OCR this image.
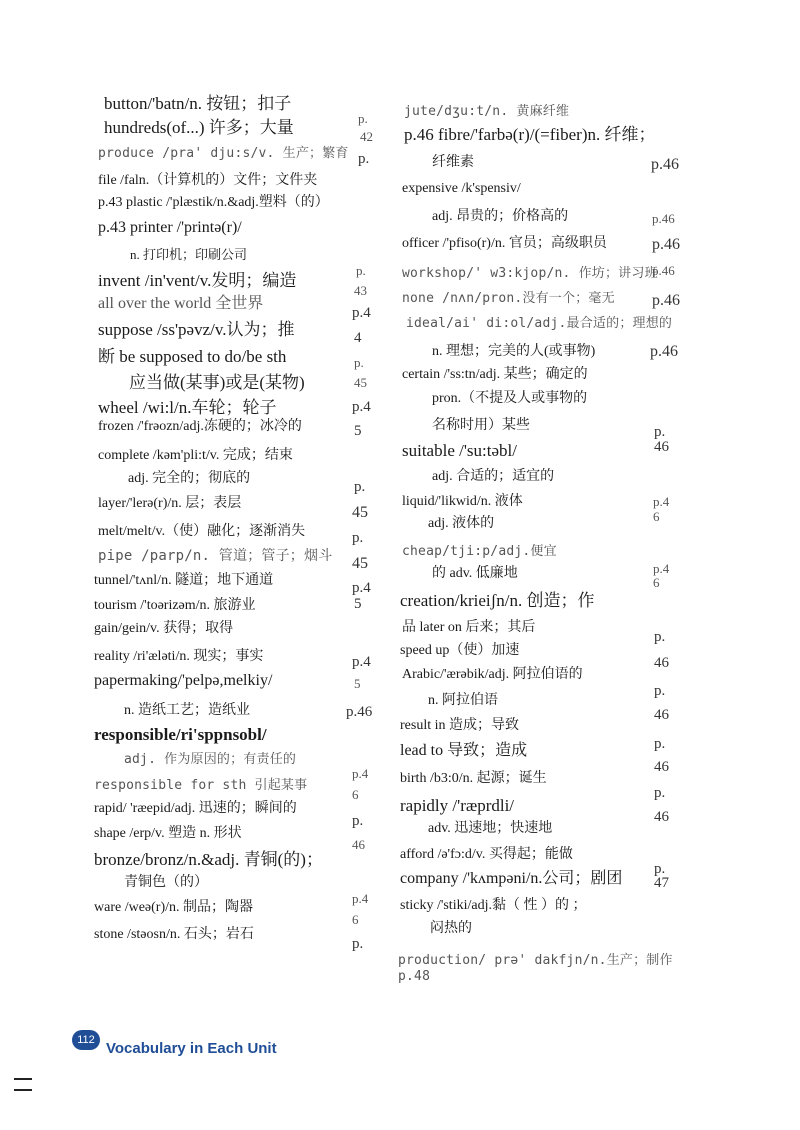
button/'batn/n. 按钮；扣子
hundreds(of...) 许多；大量
produce /pra' dju:s/v. 生产；繁育
file /faln.（计算机的）文件；文件夹
p.43 plastic /'plæstik/n.&adj.塑料（的）
p.43 printer /'printə(r)/
n. 打印机；印刷公司
invent /in'vent/v.发明；编造
all over the world 全世界
suppose /ss'pəvz/v.认为；推
断 be supposed to do/be sth
应当做(某事)或是(某物)
wheel /wi:l/n.车轮；轮子
frozen /'frəozn/adj.冻硬的；冰冷的
complete /kəm'pli:t/v. 完成；结束
adj. 完全的；彻底的
layer/'lerə(r)/n. 层；表层
melt/melt/v.（使）融化；逐渐消失
pipe /parp/n. 管道；管子；烟斗
tunnel/'tʌnl/n. 隧道；地下通道
tourism /'toərizəm/n. 旅游业
gain/gein/v. 获得；取得
reality /ri'æləti/n. 现实；事实
papermaking/'pelpə,melkiy/
n. 造纸工艺；造纸业
responsible/ri'sppnsobl/
adj. 作为原因的；有责任的
responsible for sth 引起某事
rapid/ 'ræepid/adj. 迅速的；瞬间的
shape /erp/v. 塑造 n. 形状
bronze/bronz/n.&adj. 青铜(的)；
青铜色（的）
ware /weə(r)/n. 制品；陶器
stone /stəosn/n. 石头；岩石
p.
42
p.
p.
43
p.4
4
p.
45
p.4
5
p.
45
p.
45
p.4
5
p.4
5
p.46
p.4
6
p.
46
p.4
6
p.
jute/dʒu:t/n. 黄麻纤维
p.46 fibre/'farbə(r)/(=fiber)n. 纤维；
纤维素
expensive /k'spensiv/
adj. 昂贵的；价格高的
officer /'pfiso(r)/n. 官员；高级职员
workshop/' w3:kjop/n. 作坊；讲习班
none /nʌn/pron.没有一个；毫无
ideal/ai' di:ol/adj.最合适的；理想的
n. 理想；完美的人(或事物)
certain /'ss:tn/adj. 某些；确定的
pron.（不提及人或事物的
名称时用）某些
suitable /'su:təbl/
adj. 合适的；适宜的
liquid/'likwid/n. 液体
adj. 液体的
cheap/tji:p/adj.便宜
的 adv. 低廉地
creation/krieiʃn/n. 创造；作
品 later on 后来；其后
speed up（使）加速
Arabic/'ærəbik/adj. 阿拉伯语的
n. 阿拉伯语
result in 造成；导致
lead to 导致；造成
birth /b3:0/n. 起源；诞生
rapidly /'ræprdli/
adv. 迅速地；快速地
afford /ə'fɔ:d/v. 买得起；能做
company /'kʌmpəni/n.公司；剧团
sticky /'stiki/adj.黏（ 性 ）的 ；
闷热的
production/ prə' dakfjn/n.生产；制作
p.48
p.46
p.46
p.46
p.46
p.46
p.46
p.
46
p.4
6
p.4
6
p.
46
p.
46
p.
46
p.
46
p.
47
112 Vocabulary in Each Unit
